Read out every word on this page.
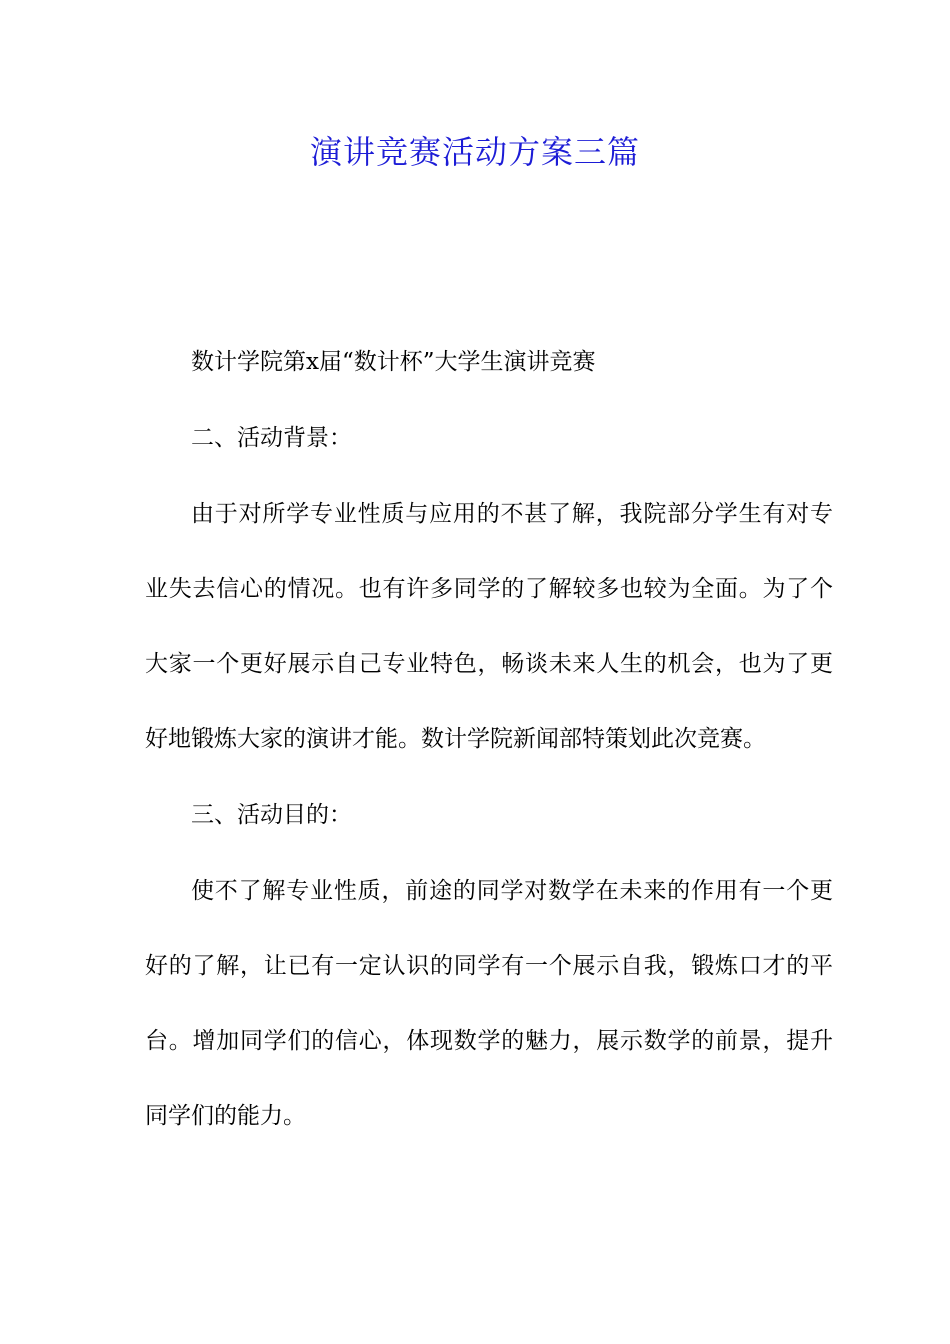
演讲竞赛活动方案三篇

数计学院第x届“数计杯”大学生演讲竞赛

二、活动背景：

由于对所学专业性质与应用的不甚了解，我院部分学生有对专业失去信心的情况。也有许多同学的了解较多也较为全面。为了个大家一个更好展示自己专业特色，畅谈未来人生的机会，也为了更好地锻炼大家的演讲才能。数计学院新闻部特策划此次竞赛。

三、活动目的：

使不了解专业性质，前途的同学对数学在未来的作用有一个更好的了解，让已有一定认识的同学有一个展示自我，锻炼口才的平台。增加同学们的信心，体现数学的魅力，展示数学的前景，提升同学们的能力。
